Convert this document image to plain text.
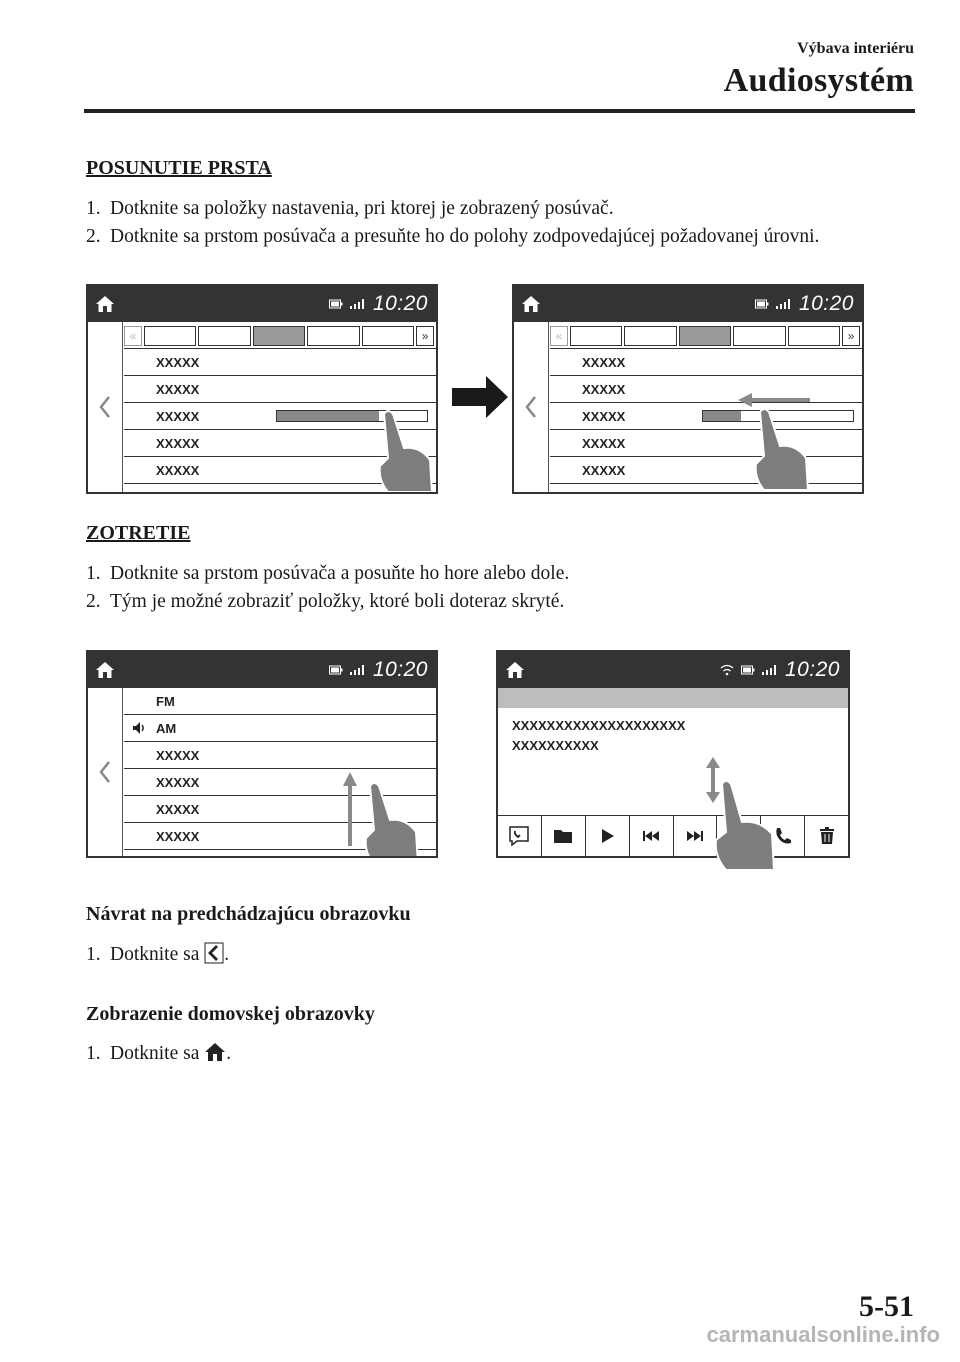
Výbava interiéru
Audiosystém
POSUNUTIE PRSTA
1. Dotknite sa položky nastavenia, pri ktorej je zobrazený posúvač.
2. Dotknite sa prstom posúvača a presuňte ho do polohy zodpovedajúcej požadovanej úrovni.
10:20
«	»
XXXXX
XXXXX
XXXXX
XXXXX
XXXXX
10:20
«	»
XXXXX
XXXXX
XXXXX
XXXXX
XXXXX
ZOTRETIE
1. Dotknite sa prstom posúvača a posuňte ho hore alebo dole.
2. Tým je možné zobraziť položky, ktoré boli doteraz skryté.
10:20
FM
AM
XXXXX
XXXXX
XXXXX
XXXXX
10:20
XXXXXXXXXXXXXXXXXXXX
XXXXXXXXXX
Návrat na predchádzajúcu obrazovku
1. Dotknite sa .
Zobrazenie domovskej obrazovky
1. Dotknite sa .
5-51
carmanualsonline.info
